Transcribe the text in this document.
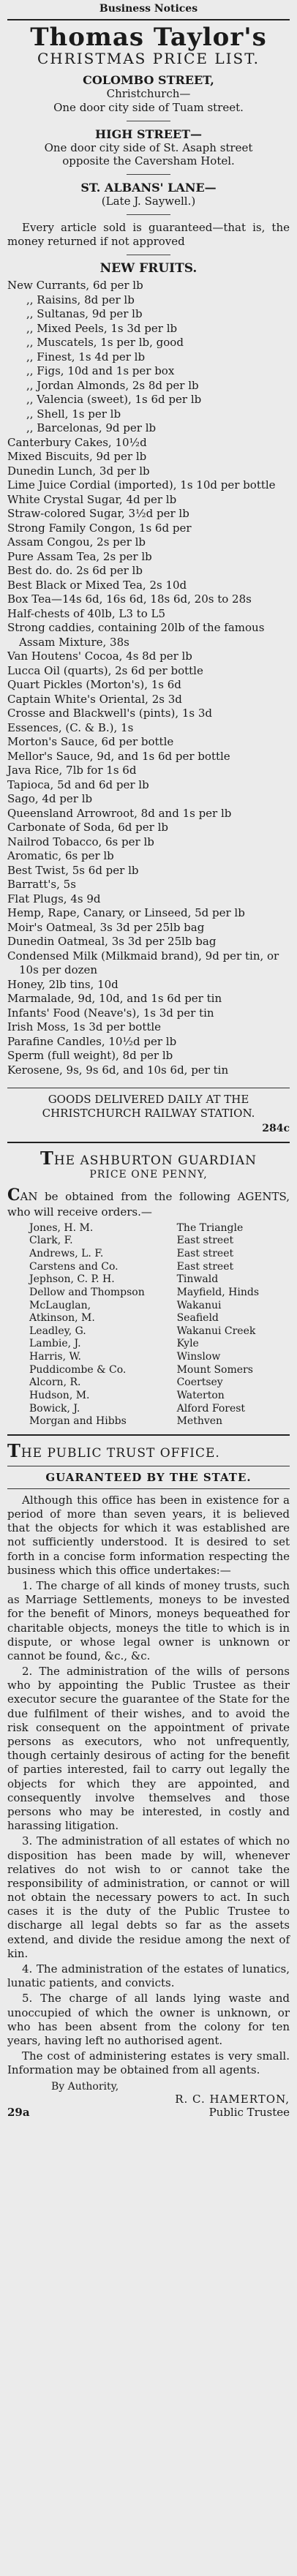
Business Notices
Thomas Taylor's
CHRISTMAS PRICE LIST.
COLOMBO STREET,
Christchurch—
One door city side of Tuam street.
HIGH STREET—
One door city side of St. Asaph street
opposite the Caversham Hotel.
ST. ALBANS' LANE—
(Late J. Saywell.)

Every article sold is guaranteed—that is, the money returned if not approved

NEW FRUITS.
New Currants, 6d per lb
,, Raisins, 8d per lb
,, Sultanas, 9d per lb
,, Mixed Peels, 1s 3d per lb
,, Muscatels, 1s per lb, good
,, Finest, 1s 4d per lb
,, Figs, 10d and 1s per box
,, Jordan Almonds, 2s 8d per lb
,, Valencia (sweet), 1s 6d per lb
,, Shell, 1s per lb
,, Barcelonas, 9d per lb
Canterbury Cakes, 10½d
Mixed Biscuits, 9d per lb
Dunedin Lunch, 3d per lb
Lime Juice Cordial (imported), 1s 10d per bottle
White Crystal Sugar, 4d per lb
Straw-colored Sugar, 3½d per lb
Strong Family Congon, 1s 6d per
Assam Congou, 2s per lb
Pure Assam Tea, 2s per lb
Best do. do. 2s 6d per lb
Best Black or Mixed Tea, 2s 10d
Box Tea—14s 6d, 16s 6d, 18s 6d, 20s to 28s
Half-chests of 40lb, L3 to L5
Strong caddies, containing 20lb of the famous Assam Mixture, 38s
Van Houtens' Cocoa, 4s 8d per lb
Lucca Oil (quarts), 2s 6d per bottle
Quart Pickles (Morton's), 1s 6d
Captain White's Oriental, 2s 3d
Crosse and Blackwell's (pints), 1s 3d
Essences, (C. & B.), 1s
Morton's Sauce, 6d per bottle
Mellor's Sauce, 9d, and 1s 6d per bottle
Java Rice, 7lb for 1s 6d
Tapioca, 5d and 6d per lb
Sago, 4d per lb
Queensland Arrowroot, 8d and 1s per lb
Carbonate of Soda, 6d per lb
Nailrod Tobacco, 6s per lb
Aromatic, 6s per lb
Best Twist, 5s 6d per lb
Barratt's, 5s
Flat Plugs, 4s 9d
Hemp, Rape, Canary, or Linseed, 5d per lb
Moir's Oatmeal, 3s 3d per 25lb bag
Dunedin Oatmeal, 3s 3d per 25lb bag
Condensed Milk (Milkmaid brand), 9d per tin, or 10s per dozen
Honey, 2lb tins, 10d
Marmalade, 9d, 10d, and 1s 6d per tin
Infants' Food (Neave's), 1s 3d per tin
Irish Moss, 1s 3d per bottle
Parafine Candles, 10½d per lb
Sperm (full weight), 8d per lb
Kerosene, 9s, 9s 6d, and 10s 6d, per tin

GOODS DELIVERED DAILY AT THE CHRISTCHURCH RAILWAY STATION.

284c
THE ASHBURTON GUARDIAN
PRICE ONE PENNY,

CAN be obtained from the following AGENTS, who will receive orders.—

Jones, H. M.	The Triangle
Clark, F.	East street
Andrews, L. F.	East street
Carstens and Co.	East street
Jephson, C. P. H.	Tinwald
Dellow and Thompson	Mayfield, Hinds
McLauglan,	Wakanui
Atkinson, M.	Seafield
Leadley, G.	Wakanui Creek
Lambie, J.	Kyle
Harris, W.	Winslow
Puddicombe & Co.	Mount Somers
Alcorn, R.	Coertsey
Hudson, M.	Waterton
Bowick, J.	Alford Forest
Morgan and Hibbs	Methven
THE PUBLIC TRUST OFFICE.
GUARANTEED BY THE STATE.

Although this office has been in existence for a period of more than seven years, it is believed that the objects for which it was established are not sufficiently understood. It is desired to set forth in a concise form information respecting the business which this office undertakes:—

1. The charge of all kinds of money trusts, such as Marriage Settlements, moneys to be invested for the benefit of Minors, moneys bequeathed for charitable objects, moneys the title to which is in dispute, or whose legal owner is unknown or cannot be found, &c., &c.

2. The administration of the wills of persons who by appointing the Public Trustee as their executor secure the guarantee of the State for the due fulfilment of their wishes, and to avoid the risk consequent on the appointment of private persons as executors, who not unfrequently, though certainly desirous of acting for the benefit of parties interested, fail to carry out legally the objects for which they are appointed, and consequently involve themselves and those persons who may be interested, in costly and harassing litigation.

3. The administration of all estates of which no disposition has been made by will, whenever relatives do not wish to or cannot take the responsibility of administration, or cannot or will not obtain the necessary powers to act. In such cases it is the duty of the Public Trustee to discharge all legal debts so far as the assets extend, and divide the residue among the next of kin.

4. The administration of the estates of lunatics, lunatic patients, and convicts.

5. The charge of all lands lying waste and unoccupied of which the owner is unknown, or who has been absent from the colony for ten years, having left no authorised agent.

The cost of administering estates is very small. Information may be obtained from all agents.

By Authority,
R. C. HAMERTON,
29a	Public Trustee
